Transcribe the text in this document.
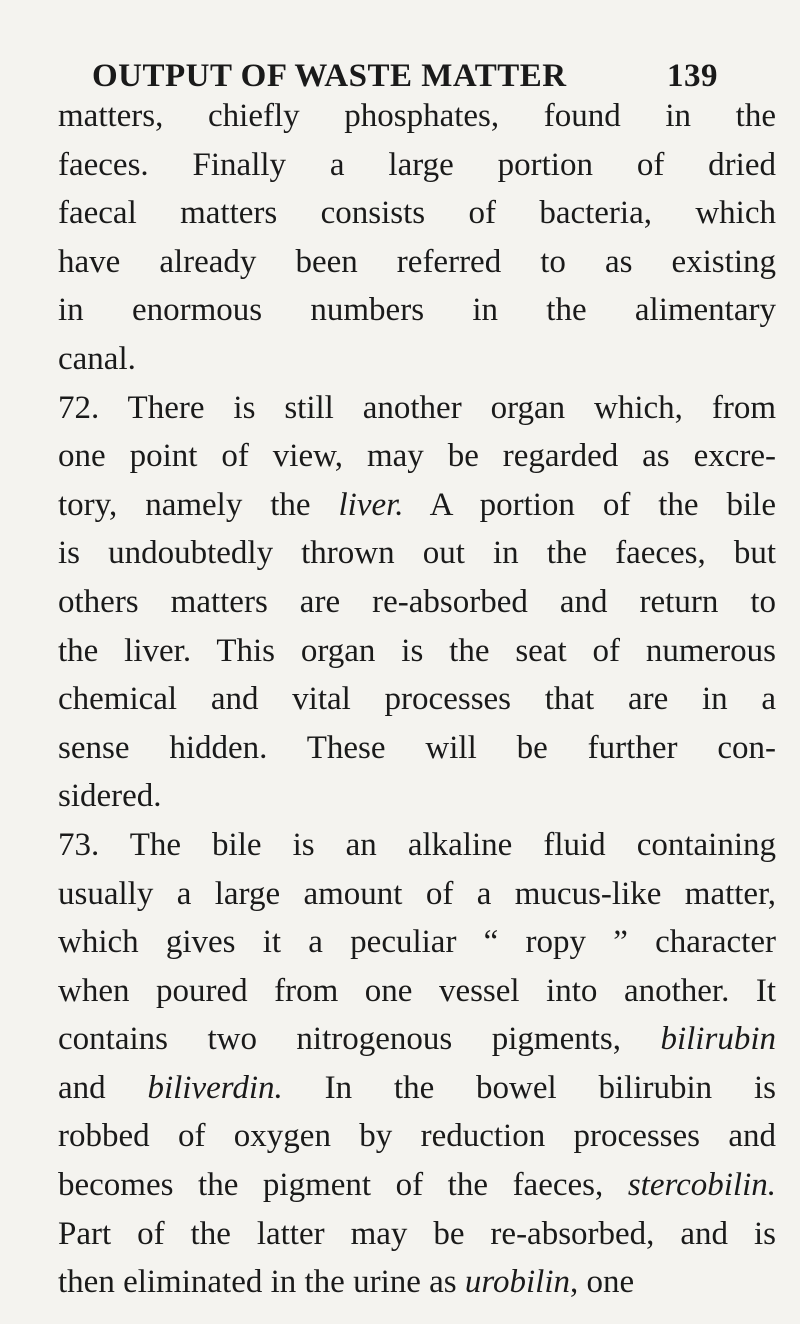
OUTPUT OF WASTE MATTER	139
matters, chiefly phosphates, found in the
faeces. Finally a large portion of dried
faecal matters consists of bacteria, which
have already been referred to as existing
in enormous numbers in the alimentary
canal.
72. There is still another organ which, from
one point of view, may be regarded as excre-
tory, namely the liver. A portion of the bile
is undoubtedly thrown out in the faeces, but
others matters are re-absorbed and return to
the liver. This organ is the seat of numerous
chemical and vital processes that are in a
sense hidden. These will be further con-
sidered.
73. The bile is an alkaline fluid containing
usually a large amount of a mucus-like matter,
which gives it a peculiar “ ropy ” character
when poured from one vessel into another. It
contains two nitrogenous pigments, bilirubin
and biliverdin. In the bowel bilirubin is
robbed of oxygen by reduction processes and
becomes the pigment of the faeces, stercobilin.
Part of the latter may be re-absorbed, and is
then eliminated in the urine as urobilin, one
